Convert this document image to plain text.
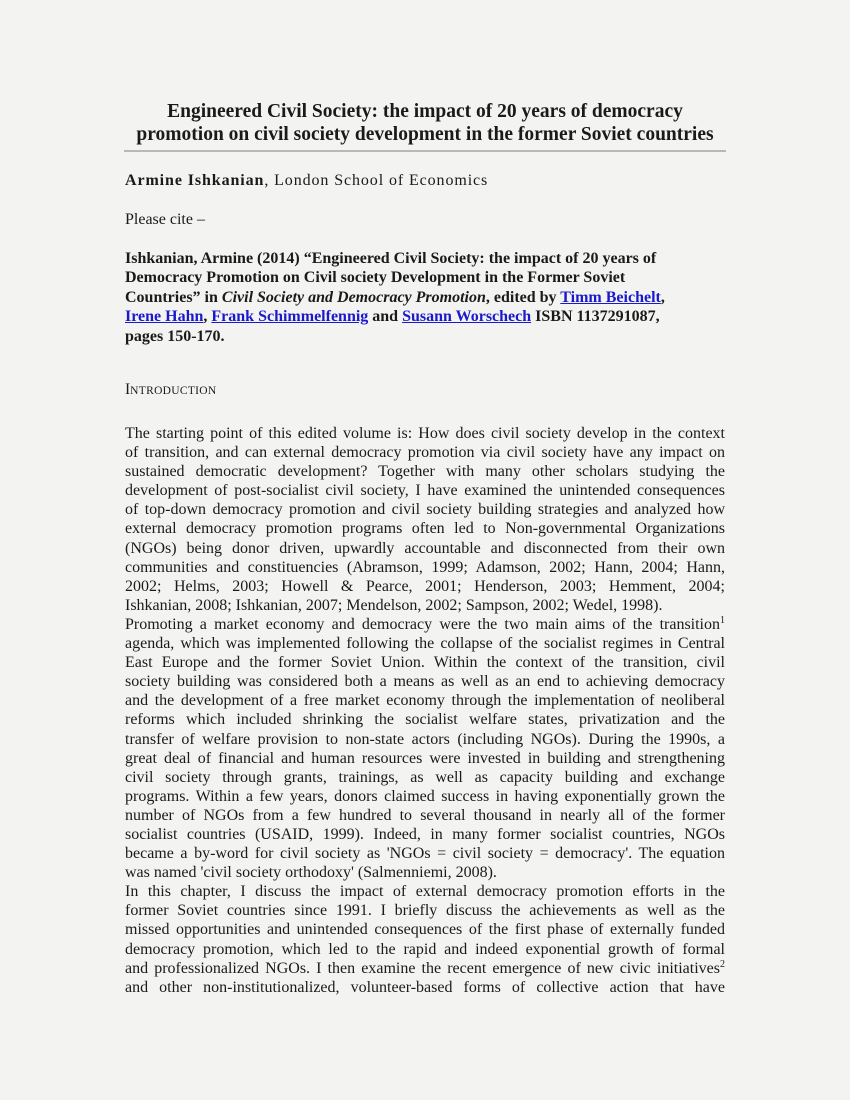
Engineered Civil Society: the impact of 20 years of democracy
promotion on civil society development in the former Soviet countries
Armine Ishkanian, London School of Economics
Please cite –
Ishkanian, Armine (2014) “Engineered Civil Society: the impact of 20 years of
Democracy Promotion on Civil society Development in the Former Soviet
Countries” in Civil Society and Democracy Promotion, edited by Timm Beichelt,
Irene Hahn, Frank Schimmelfennig and Susann Worschech ISBN 1137291087,
pages 150-170.
INTRODUCTION
The starting point of this edited volume is: How does civil society develop in the context
of transition, and can external democracy promotion via civil society have any impact on
sustained democratic development? Together with many other scholars studying the
development of post-socialist civil society, I have examined the unintended consequences
of top-down democracy promotion and civil society building strategies and analyzed how
external democracy promotion programs often led to Non-governmental Organizations
(NGOs) being donor driven, upwardly accountable and disconnected from their own
communities and constituencies (Abramson, 1999; Adamson, 2002; Hann, 2004; Hann,
2002; Helms, 2003; Howell & Pearce, 2001; Henderson, 2003; Hemment, 2004;
Ishkanian, 2008; Ishkanian, 2007; Mendelson, 2002; Sampson, 2002; Wedel, 1998).
Promoting a market economy and democracy were the two main aims of the transition$^1$
agenda, which was implemented following the collapse of the socialist regimes in Central
East Europe and the former Soviet Union. Within the context of the transition, civil
society building was considered both a means as well as an end to achieving democracy
and the development of a free market economy through the implementation of neoliberal
reforms which included shrinking the socialist welfare states, privatization and the
transfer of welfare provision to non-state actors (including NGOs). During the 1990s, a
great deal of financial and human resources were invested in building and strengthening
civil society through grants, trainings, as well as capacity building and exchange
programs. Within a few years, donors claimed success in having exponentially grown the
number of NGOs from a few hundred to several thousand in nearly all of the former
socialist countries (USAID, 1999). Indeed, in many former socialist countries, NGOs
became a by-word for civil society as 'NGOs = civil society = democracy'. The equation
was named 'civil society orthodoxy' (Salmenniemi, 2008).
In this chapter, I discuss the impact of external democracy promotion efforts in the
former Soviet countries since 1991. I briefly discuss the achievements as well as the
missed opportunities and unintended consequences of the first phase of externally funded
democracy promotion, which led to the rapid and indeed exponential growth of formal
and professionalized NGOs. I then examine the recent emergence of new civic initiatives$^2$
and other non-institutionalized, volunteer-based forms of collective action that have
